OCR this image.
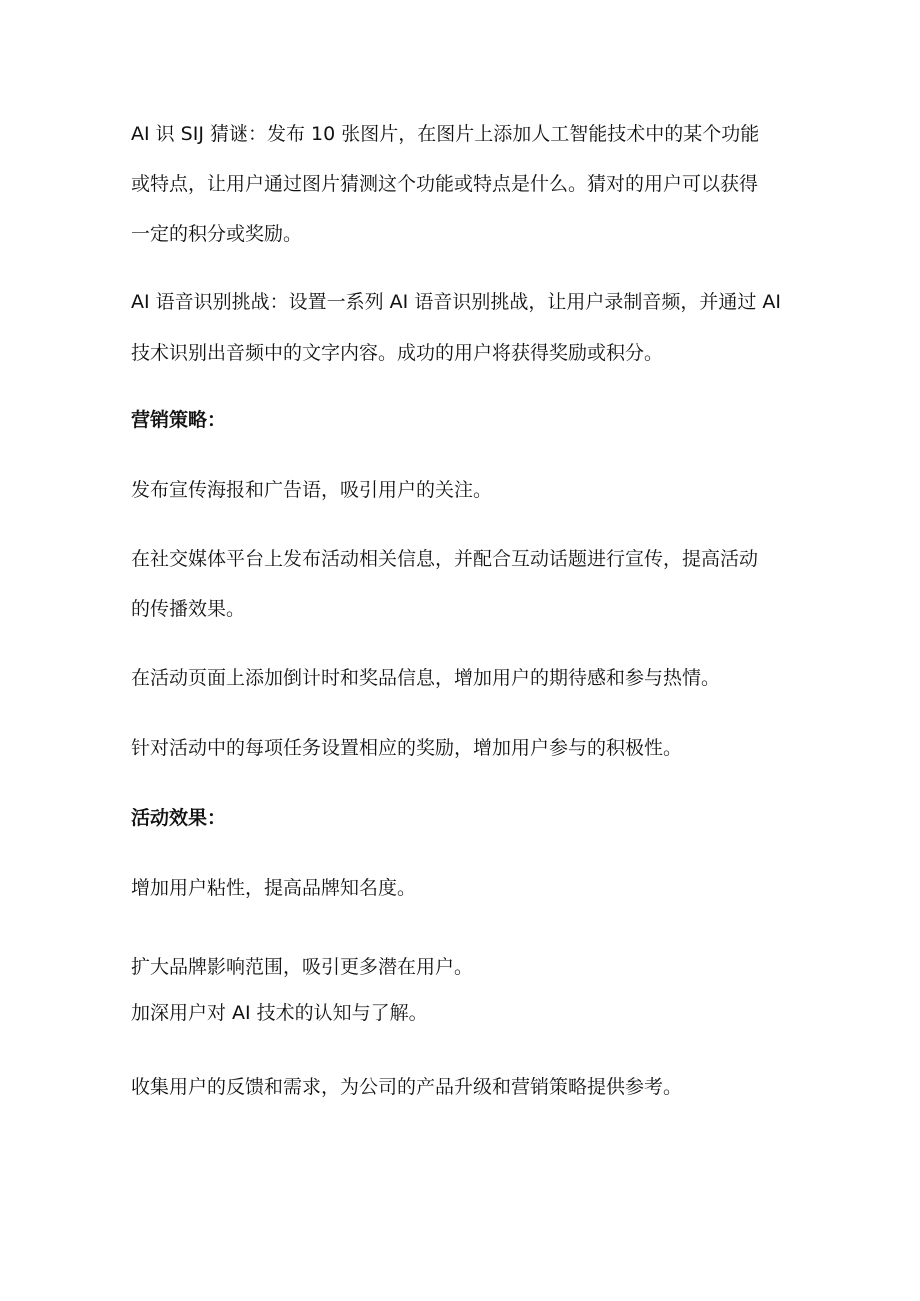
AI 识 SIJ 猜谜：发布 10 张图片，在图片上添加人工智能技术中的某个功能
或特点，让用户通过图片猜测这个功能或特点是什么。猜对的用户可以获得
一定的积分或奖励。
AI 语音识别挑战：设置一系列 AI 语音识别挑战，让用户录制音频，并通过 AI
技术识别出音频中的文字内容。成功的用户将获得奖励或积分。
营销策略：
发布宣传海报和广告语，吸引用户的关注。
在社交媒体平台上发布活动相关信息，并配合互动话题进行宣传，提高活动
的传播效果。
在活动页面上添加倒计时和奖品信息，增加用户的期待感和参与热情。
针对活动中的每项任务设置相应的奖励，增加用户参与的积极性。
活动效果：
增加用户粘性，提高品牌知名度。
扩大品牌影响范围，吸引更多潜在用户。
加深用户对 AI 技术的认知与了解。
收集用户的反馈和需求，为公司的产品升级和营销策略提供参考。
